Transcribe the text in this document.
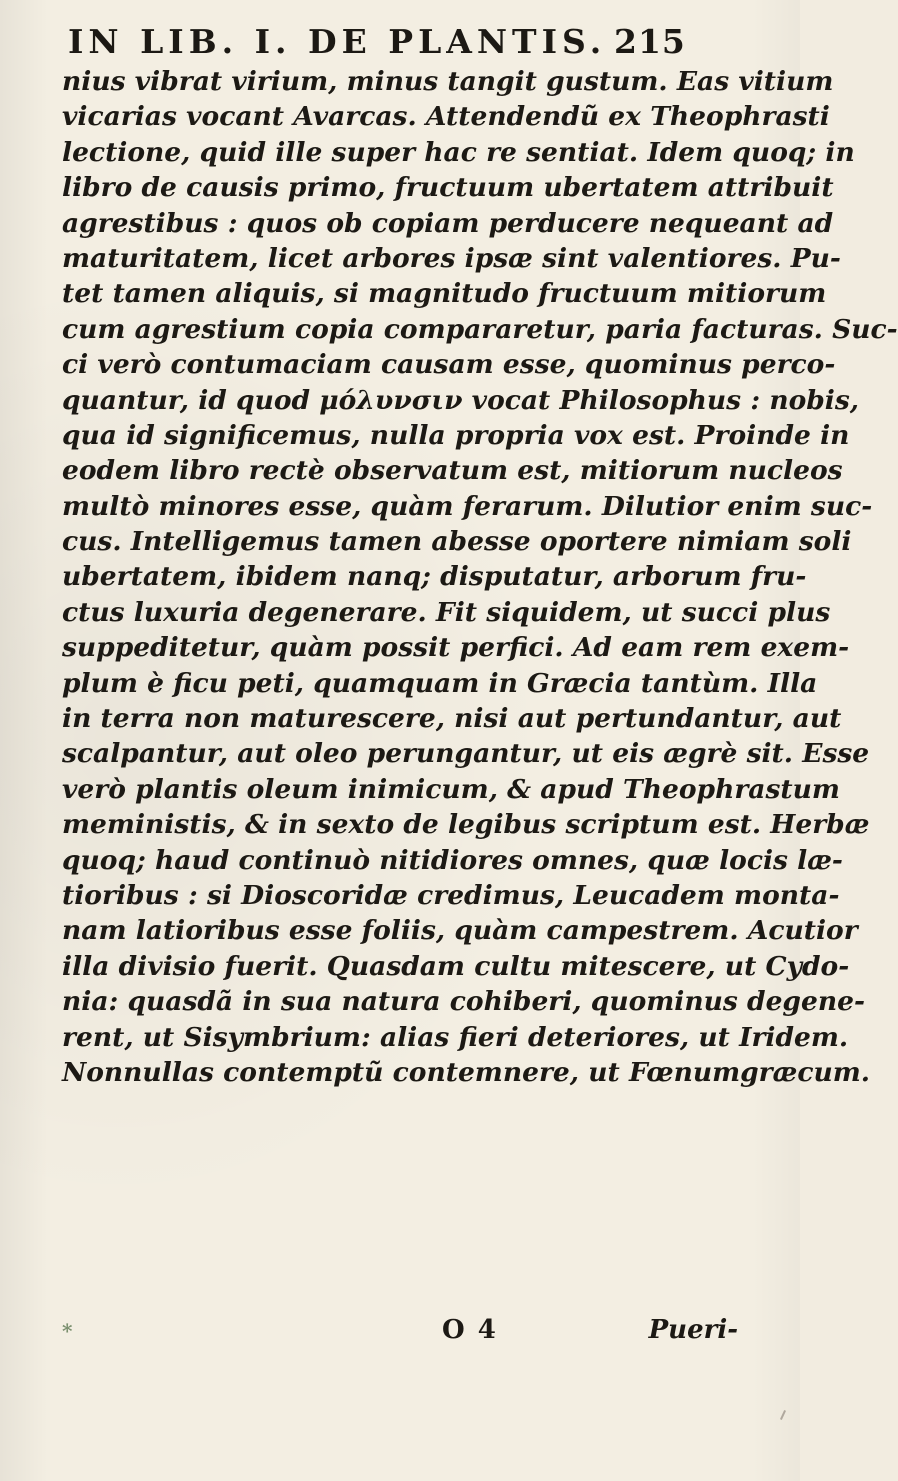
IN LIB. I. DE PLANTIS. 215
nius vibrat virium, minus tangit gustum. Eas vitium
vicarias vocant Avarcas. Attendendũ ex Theophrasti
lectione, quid ille super hac re sentiat. Idem quoq; in
libro de causis primo, fructuum ubertatem attribuit
agrestibus : quos ob copiam perducere nequeant ad
maturitatem, licet arbores ipsæ sint valentiores. Pu-
tet tamen aliquis, si magnitudo fructuum mitiorum
cum agrestium copia compararetur, paria facturas. Suc-
ci verò contumaciam causam esse, quominus perco-
quantur, id quod μόλυνσιν vocat Philosophus : nobis,
qua id significemus, nulla propria vox est. Proinde in
eodem libro rectè observatum est, mitiorum nucleos
multò minores esse, quàm ferarum. Dilutior enim suc-
cus. Intelligemus tamen abesse oportere nimiam soli
ubertatem, ibidem nanq; disputatur, arborum fru-
ctus luxuria degenerare. Fit siquidem, ut succi plus
suppeditetur, quàm possit perfici. Ad eam rem exem-
plum è ficu peti, quamquam in Græcia tantùm. Illa
in terra non maturescere, nisi aut pertundantur, aut
scalpantur, aut oleo perungantur, ut eis ægrè sit. Esse
verò plantis oleum inimicum, & apud Theophrastum
meministis, & in sexto de legibus scriptum est. Herbæ
quoq; haud continuò nitidiores omnes, quæ locis læ-
tioribus : si Dioscoridæ credimus, Leucadem monta-
nam latioribus esse foliis, quàm campestrem. Acutior
illa divisio fuerit. Quasdam cultu mitescere, ut Cydo-
nia: quasdã in sua natura cohiberi, quominus degene-
rent, ut Sisymbrium: alias fieri deteriores, ut Iridem.
Nonnullas contemptũ contemnere, ut Fœnumgræcum.
*	O 4	Pueri-
